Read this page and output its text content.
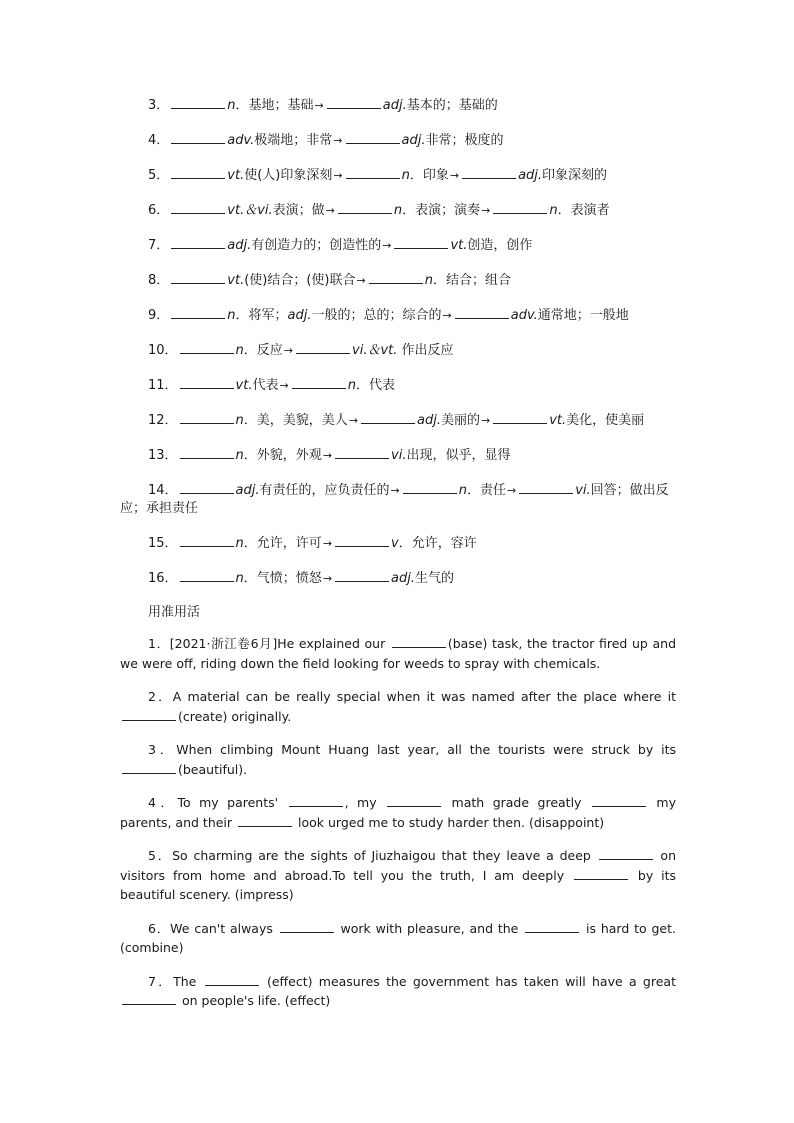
3．	n．基地；基础→	adj.基本的；基础的
4．	adv.极端地；非常→	adj.非常；极度的
5．	vt.使(人)印象深刻→	n．印象→	adj.印象深刻的
6．	vt.＆vi.表演；做→	n．表演；演奏→	n．表演者
7．	adj.有创造力的；创造性的→	vt.创造，创作
8．	vt.(使)结合；(使)联合→	n．结合；组合
9．	n．将军；adj.一般的；总的；综合的→	adv.通常地；一般地
10．	n．反应→	vi.＆vt. 作出反应
11．	vt.代表→	n．代表
12．	n．美，美貌，美人→	adj.美丽的→	vt.美化，使美丽
13．	n．外貌，外观→	vi.出现，似乎，显得
14．	adj.有责任的，应负责任的→	n．责任→	vi.回答；做出反应；承担责任
15．	n．允许，许可→	v．允许，容许
16．	n．气愤；愤怒→	adj.生气的
用准用活
1．[2021·浙江卷6月]He explained our	(base) task, the tractor fired up and we were off, riding down the field looking for weeds to spray with chemicals.
2．A material can be really special when it was named after the place where it (create) originally.
3．When climbing Mount Huang last year, all the tourists were struck by its (beautiful).
4．To my parents'	, my	math grade greatly	my parents, and their	look urged me to study harder then. (disappoint)
5．So charming are the sights of Jiuzhaigou that they leave a deep	on visitors from home and abroad.To tell you the truth, I am deeply	by its beautiful scenery. (impress)
6．We can't always	work with pleasure, and the	is hard to get. (combine)
7．The	(effect) measures the government has taken will have a great  on people's life. (effect)
